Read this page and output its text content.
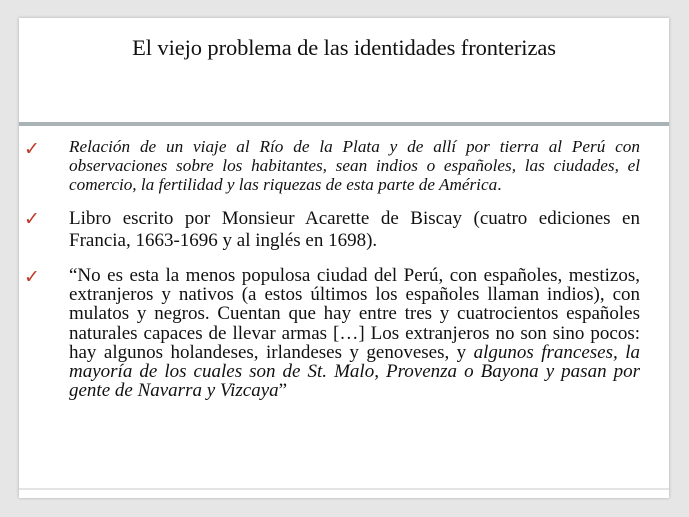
El viejo problema de las identidades fronterizas
✓ Relación de un viaje al Río de la Plata y de allí por tierra al Perú con observaciones sobre los habitantes, sean indios o españoles, las ciudades, el comercio, la fertilidad y las riquezas de esta parte de América.
✓ Libro escrito por Monsieur Acarette de Biscay (cuatro ediciones en Francia, 1663-1696 y al inglés en 1698).
✓ “No es esta la menos populosa ciudad del Perú, con españoles, mestizos, extranjeros y nativos (a estos últimos los españoles llaman indios), con mulatos y negros. Cuentan que hay entre tres y cuatrocientos españoles naturales capaces de llevar armas […] Los extranjeros no son sino pocos: hay algunos holandeses, irlandeses y genoveses, y algunos franceses, la mayoría de los cuales son de St. Malo, Provenza o Bayona y pasan por gente de Navarra y Vizcaya”
